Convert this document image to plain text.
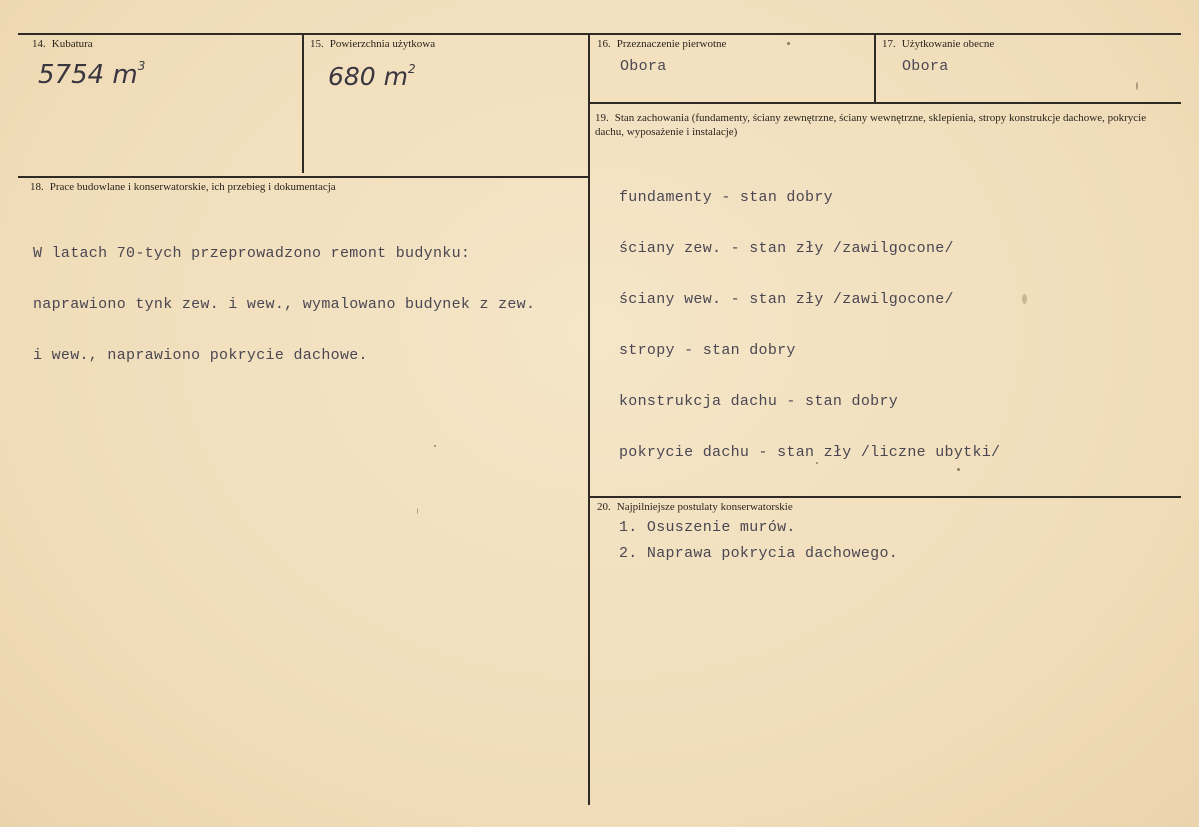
14. Kubatura
5754 $m^3$
15. Powierzchnia użytkowa
680 $m^2$
16. Przeznaczenie pierwotne
Obora
17. Użytkowanie obecne
Obora
19. Stan zachowania (fundamenty, ściany zewnętrzne, ściany wewnętrzne, sklepienia, stropy konstrukcje dachowe, pokrycie dachu, wyposażenie i instalacje)

fundamenty - stan dobry

ściany zew. - stan zły /zawilgocone/

ściany wew. - stan zły /zawilgocone/

stropy - stan dobry

konstrukcja dachu - stan dobry

pokrycie dachu - stan zły /liczne ubytki/

18. Prace budowlane i konserwatorskie, ich przebieg i dokumentacja

W latach 70-tych przeprowadzono remont budynku:

naprawiono tynk zew. i wew., wymalowano budynek z zew.

i wew., naprawiono pokrycie dachowe.

20. Najpilniejsze postulaty konserwatorskie
1. Osuszenie murów.
2. Naprawa pokrycia dachowego.
